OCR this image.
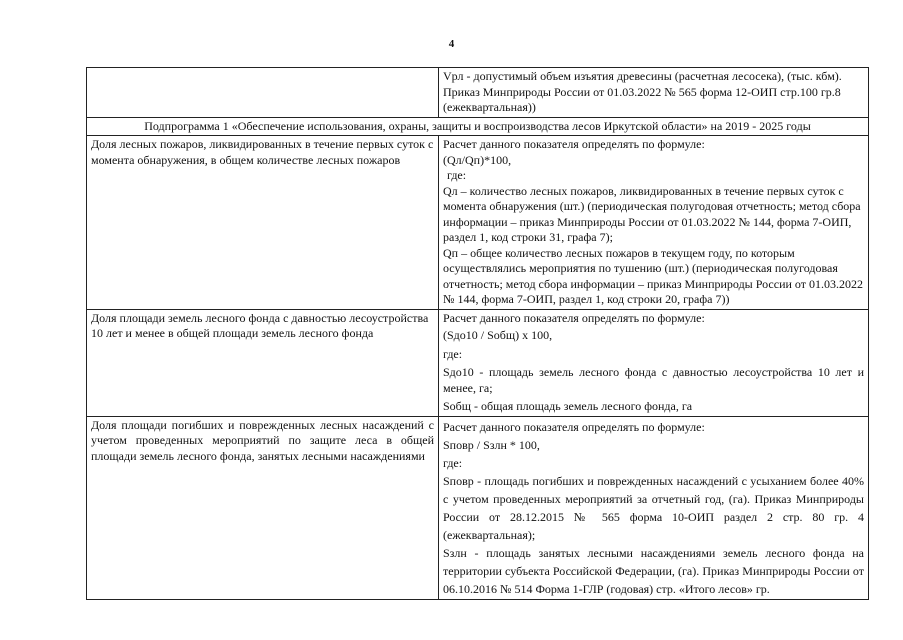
4
	Vрл - допустимый объем изъятия древесины (расчетная лесосека), (тыс. кбм). Приказ Минприроды России от 01.03.2022 № 565 форма 12-ОИП стр.100 гр.8 (ежеквартальная))
Подпрограмма 1 «Обеспечение использования, охраны, защиты и воспроизводства лесов Иркутской области» на 2019 - 2025 годы	
Доля лесных пожаров, ликвидированных в течение первых суток с момента обнаружения, в общем количестве лесных пожаров	Расчет данного показателя определять по формуле:
(Qл/Qп)*100,
где:
Qл – количество лесных пожаров, ликвидированных в течение первых суток с момента обнаружения (шт.) (периодическая полугодовая отчетность; метод сбора информации – приказ Минприроды России от 01.03.2022 № 144, форма 7-ОИП, раздел 1, код строки 31, графа 7);
Qп – общее количество лесных пожаров в текущем году, по которым осуществлялись мероприятия по тушению (шт.) (периодическая полугодовая отчетность; метод сбора информации – приказ Минприроды России от 01.03.2022 № 144, форма 7-ОИП, раздел 1, код строки 20, графа 7))

Доля площади земель лесного фонда с давностью лесоустройства 10 лет и менее в общей площади земель лесного фонда	Расчет данного показателя определять по формуле:
(Sдо10 / Sобщ) x 100,
где:
Sдо10 - площадь земель лесного фонда с давностью лесоустройства 10 лет и менее, га;
Sобщ - общая площадь земель лесного фонда, га

Доля площади погибших и поврежденных лесных насаждений с учетом проведенных мероприятий по защите леса в общей площади земель лесного фонда, занятых лесными насаждениями	Расчет данного показателя определять по формуле:
Sповр / Sзлн * 100,
где:
Sповр - площадь погибших и поврежденных насаждений с усыханием более 40% с учетом проведенных мероприятий за отчетный год, (га). Приказ Минприроды России от 28.12.2015 № 565 форма 10-ОИП раздел 2 стр. 80 гр. 4 (ежеквартальная);
Sзлн - площадь занятых лесными насаждениями земель лесного фонда на территории субъекта Российской Федерации, (га). Приказ Минприроды России от 06.10.2016 № 514 Форма 1-ГЛР (годовая) стр. «Итого лесов» гр.
